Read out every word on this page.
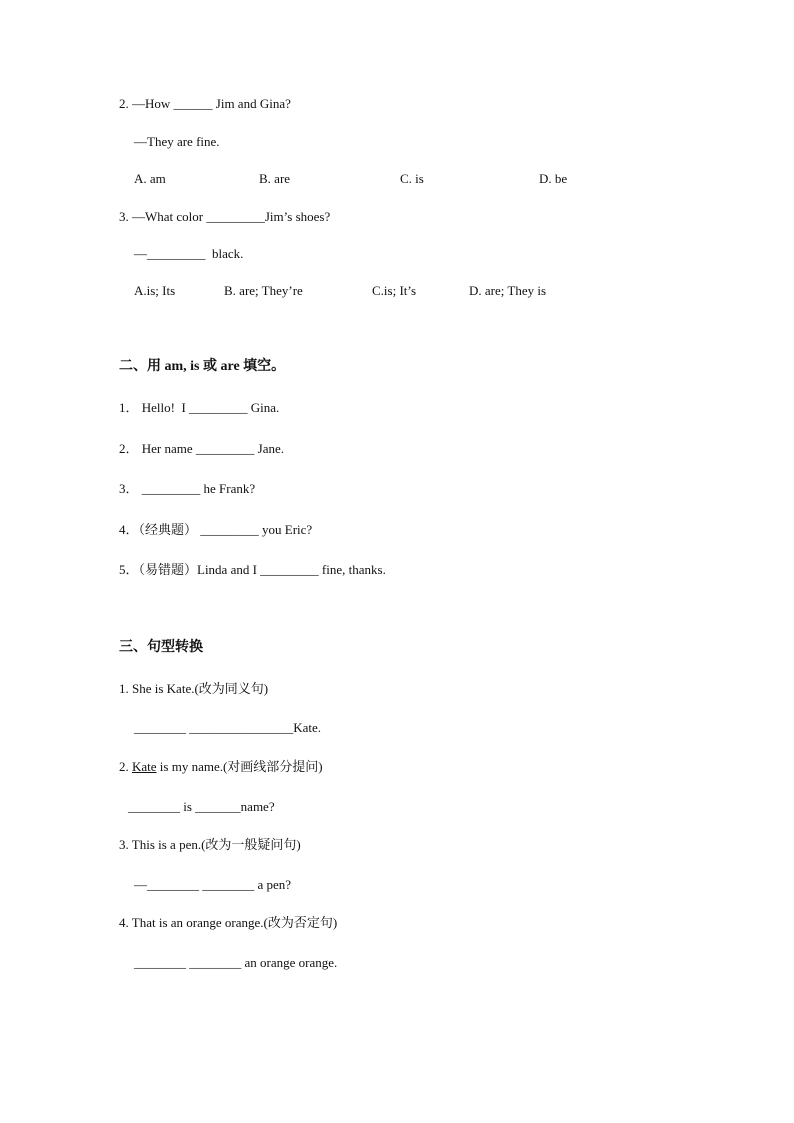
2. —How ______ Jim and Gina?
—They are fine.
A. am	B. are	C. is	D. be
3. —What color _________Jim’s shoes?
—_________  black.
A.is; Its	B. are; They’re	C.is; It’s	D. are; They is
二、用 am, is 或 are 填空。
1． Hello!  I _________ Gina.
2． Her name _________ Jane.
3． _________ he Frank?
4．（经典题） _________ you Eric?
5．（易错题）Linda and I _________ fine, thanks.
三、句型转换
1. She is Kate.(改为同义句)
________ ________________Kate.
2. Kate is my name.(对画线部分提问)
________ is _______name?
3. This is a pen.(改为一般疑问句)
—________ ________ a pen?
4. That is an orange orange.(改为否定句)
________ ________ an orange orange.
